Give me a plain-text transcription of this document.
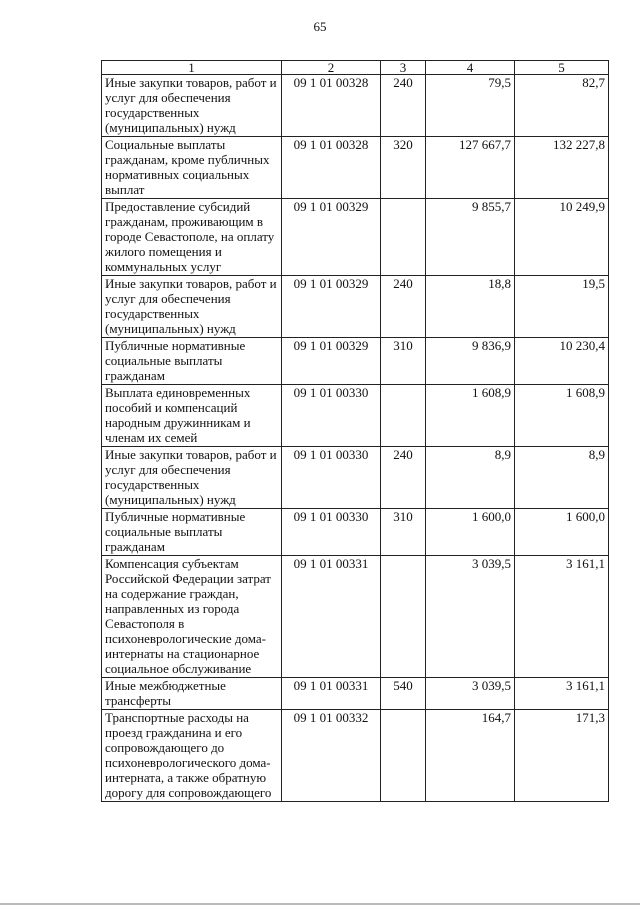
65
1	2	3	4	5
Иные закупки товаров, работ и услуг для обеспечения государственных (муниципальных) нужд	09 1 01 00328	240	79,5	82,7
Социальные выплаты гражданам, кроме публичных нормативных социальных выплат	09 1 01 00328	320	127 667,7	132 227,8
Предоставление субсидий гражданам, проживающим в городе Севастополе, на оплату жилого помещения и коммунальных услуг	09 1 01 00329		9 855,7	10 249,9
Иные закупки товаров, работ и услуг для обеспечения государственных (муниципальных) нужд	09 1 01 00329	240	18,8	19,5
Публичные нормативные социальные выплаты гражданам	09 1 01 00329	310	9 836,9	10 230,4
Выплата единовременных пособий и компенсаций народным дружинникам и членам их семей	09 1 01 00330		1 608,9	1 608,9
Иные закупки товаров, работ и услуг для обеспечения государственных (муниципальных) нужд	09 1 01 00330	240	8,9	8,9
Публичные нормативные социальные выплаты гражданам	09 1 01 00330	310	1 600,0	1 600,0
Компенсация субъектам Российской Федерации затрат на содержание граждан, направленных из города Севастополя в психоневрологические дома-интернаты на стационарное социальное обслуживание	09 1 01 00331		3 039,5	3 161,1
Иные межбюджетные трансферты	09 1 01 00331	540	3 039,5	3 161,1
Транспортные расходы на проезд гражданина и его сопровождающего до психоневрологического дома-интерната, а также обратную дорогу для сопровождающего	09 1 01 00332		164,7	171,3
